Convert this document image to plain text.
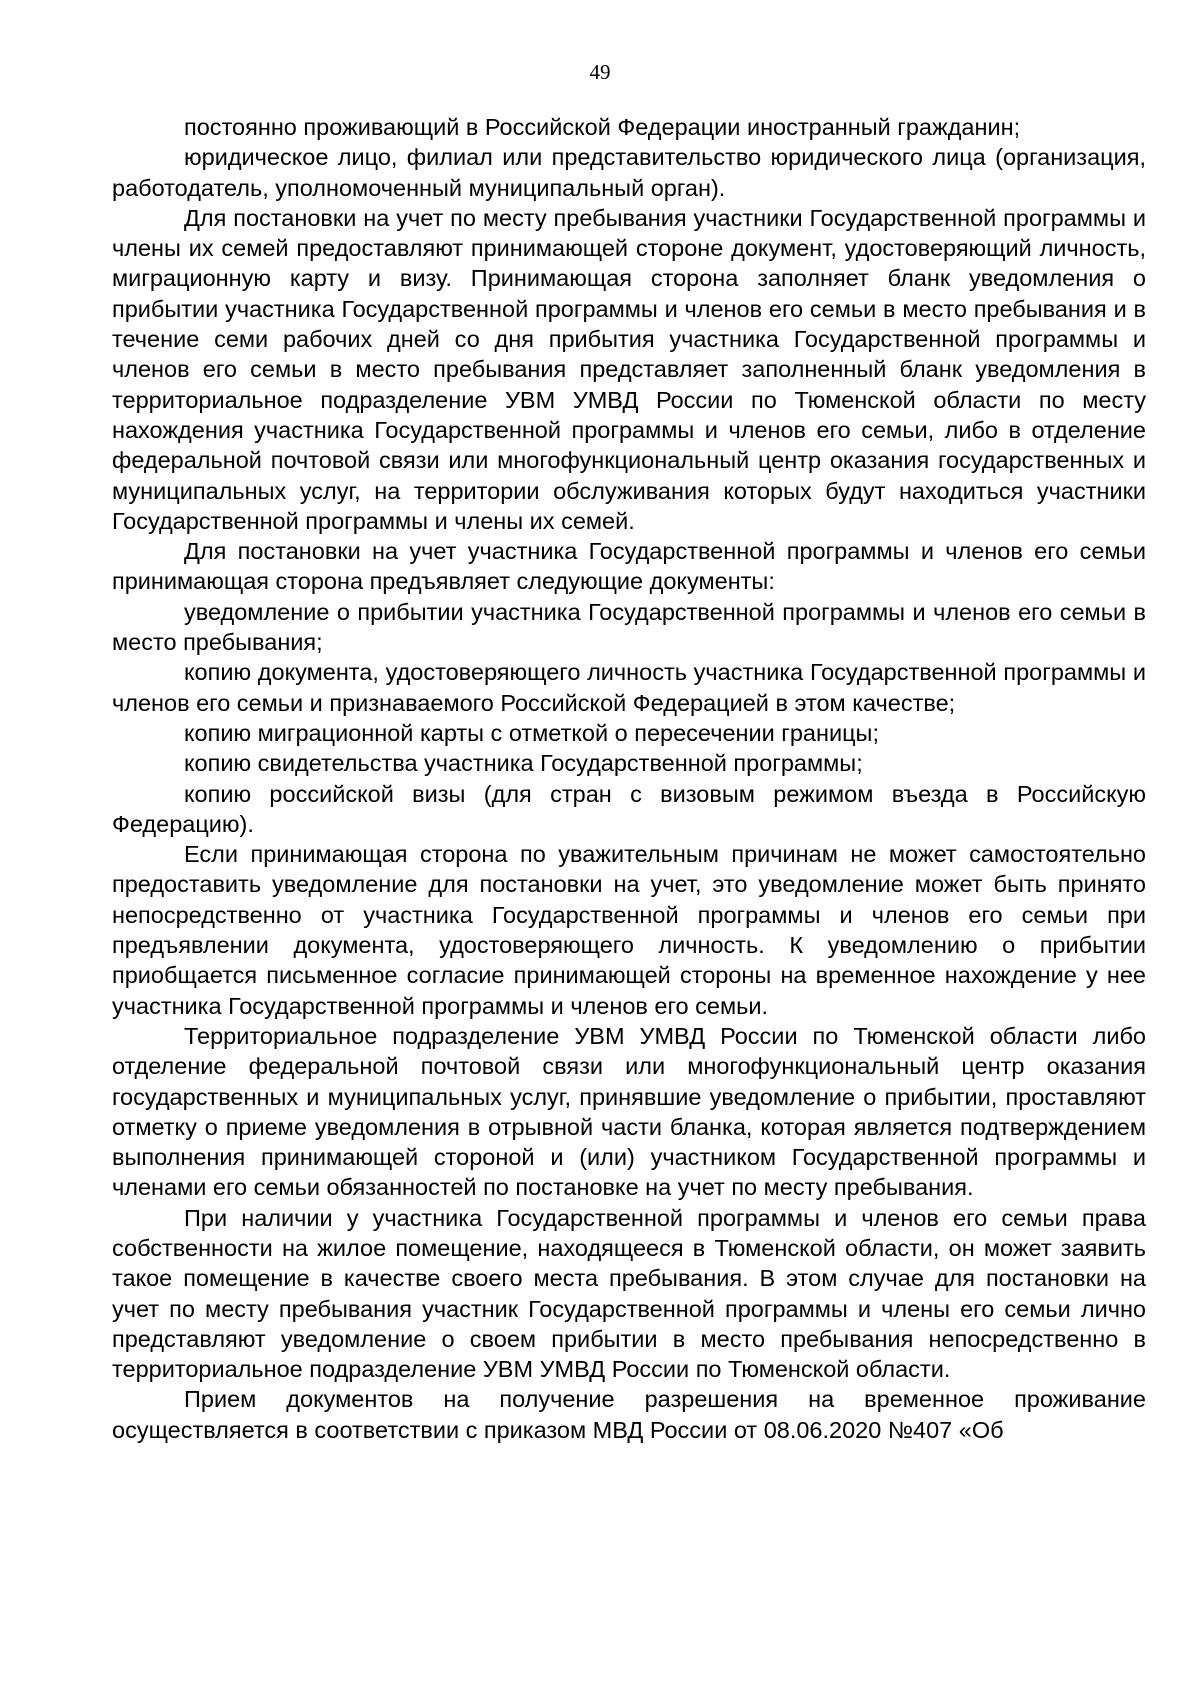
49

постоянно проживающий в Российской Федерации иностранный гражданин;

юридическое лицо, филиал или представительство юридического лица (организация, работодатель, уполномоченный муниципальный орган).

Для постановки на учет по месту пребывания участники Государственной программы и члены их семей предоставляют принимающей стороне документ, удостоверяющий личность, миграционную карту и визу. Принимающая сторона заполняет бланк уведомления о прибытии участника Государственной программы и членов его семьи в место пребывания и в течение семи рабочих дней со дня прибытия участника Государственной программы и членов его семьи в место пребывания представляет заполненный бланк уведомления в территориальное подразделение УВМ УМВД России по Тюменской области по месту нахождения участника Государственной программы и членов его семьи, либо в отделение федеральной почтовой связи или многофункциональный центр оказания государственных и муниципальных услуг, на территории обслуживания которых будут находиться участники Государственной программы и члены их семей.

Для постановки на учет участника Государственной программы и членов его семьи принимающая сторона предъявляет следующие документы:

уведомление о прибытии участника Государственной программы и членов его семьи в место пребывания;

копию документа, удостоверяющего личность участника Государственной программы и членов его семьи и признаваемого Российской Федерацией в этом качестве;

копию миграционной карты с отметкой о пересечении границы;

копию свидетельства участника Государственной программы;

копию российской визы (для стран с визовым режимом въезда в Российскую Федерацию).

Если принимающая сторона по уважительным причинам не может самостоятельно предоставить уведомление для постановки на учет, это уведомление может быть принято непосредственно от участника Государственной программы и членов его семьи при предъявлении документа, удостоверяющего личность. К уведомлению о прибытии приобщается письменное согласие принимающей стороны на временное нахождение у нее участника Государственной программы и членов его семьи.

Территориальное подразделение УВМ УМВД России по Тюменской области либо отделение федеральной почтовой связи или многофункциональный центр оказания государственных и муниципальных услуг, принявшие уведомление о прибытии, проставляют отметку о приеме уведомления в отрывной части бланка, которая является подтверждением выполнения принимающей стороной и (или) участником Государственной программы и членами его семьи обязанностей по постановке на учет по месту пребывания.

При наличии у участника Государственной программы и членов его семьи права собственности на жилое помещение, находящееся в Тюменской области, он может заявить такое помещение в качестве своего места пребывания. В этом случае для постановки на учет по месту пребывания участник Государственной программы и члены его семьи лично представляют уведомление о своем прибытии в место пребывания непосредственно в территориальное подразделение УВМ УМВД России по Тюменской области.

Прием документов на получение разрешения на временное проживание осуществляется в соответствии с приказом МВД России от 08.06.2020 №407 «Об
